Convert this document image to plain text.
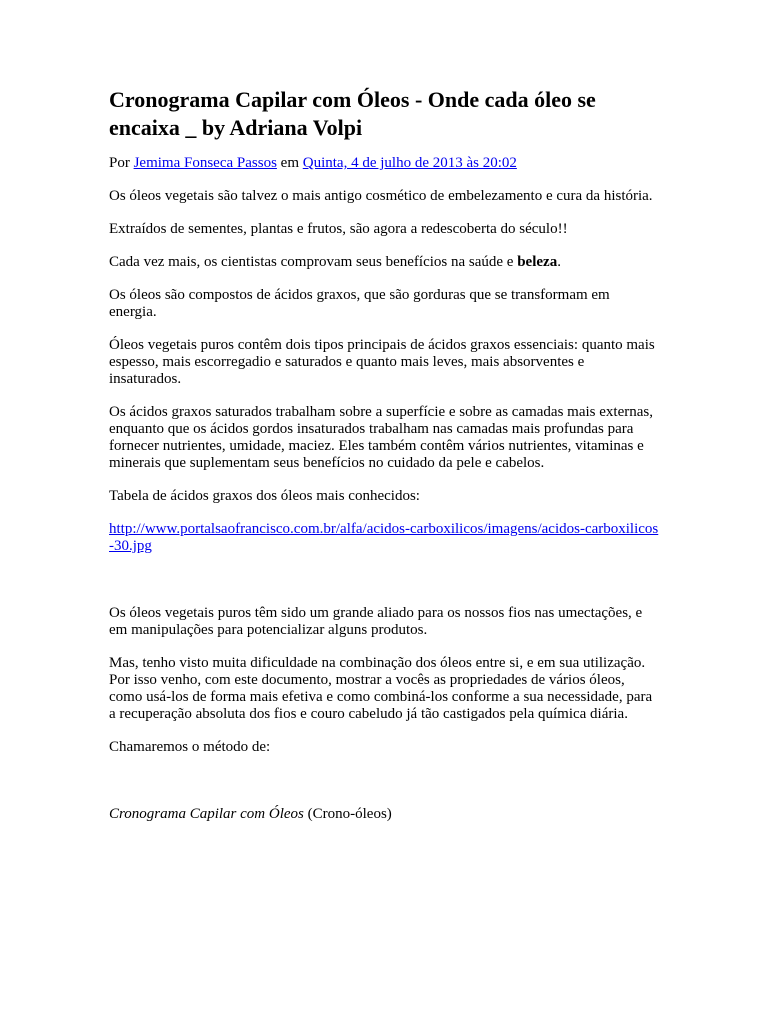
Cronograma Capilar com Óleos - Onde cada óleo se encaixa _ by Adriana Volpi

Por Jemima Fonseca Passos em Quinta, 4 de julho de 2013 às 20:02

Os óleos vegetais são talvez o mais antigo cosmético de embelezamento e cura da história.

Extraídos de sementes, plantas e frutos, são agora a redescoberta do século!!

Cada vez mais, os cientistas comprovam seus benefícios na saúde e beleza.

Os óleos são compostos de ácidos graxos, que são gorduras que se transformam em energia.

Óleos vegetais puros contêm dois tipos principais de ácidos graxos essenciais: quanto mais espesso, mais escorregadio e saturados e quanto mais leves, mais absorventes e insaturados.

Os ácidos graxos saturados trabalham sobre a superfície e sobre as camadas mais externas, enquanto que os ácidos gordos insaturados trabalham nas camadas mais profundas para fornecer nutrientes, umidade, maciez. Eles também contêm vários nutrientes, vitaminas e minerais que suplementam seus benefícios no cuidado da pele e cabelos.

Tabela de ácidos graxos dos óleos mais conhecidos:

http://www.portalsaofrancisco.com.br/alfa/acidos-carboxilicos/imagens/acidos-carboxilicos-30.jpg

Os óleos vegetais puros têm sido um grande aliado para os nossos fios nas umectações, e em manipulações para potencializar alguns produtos.

Mas, tenho visto muita dificuldade na combinação dos óleos entre si, e em sua utilização. Por isso venho, com este documento, mostrar a vocês as propriedades de vários óleos, como usá-los de forma mais efetiva e como combiná-los conforme a sua necessidade, para a recuperação absoluta dos fios e couro cabeludo já tão castigados pela química diária.

Chamaremos o método de:

Cronograma Capilar com Óleos (Crono-óleos)
